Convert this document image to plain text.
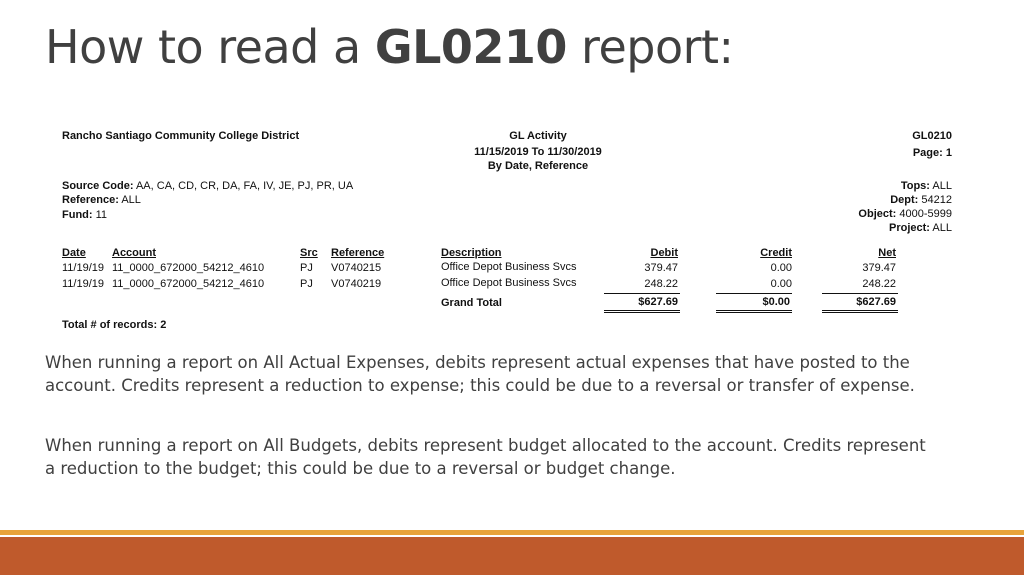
How to read a GL0210 report:
Rancho Santiago Community College District	GL Activity
11/15/2019 To 11/30/2019
By Date, Reference
GL0210
Page: 1
Source Code: AA, CA, CD, CR, DA, FA, IV, JE, PJ, PR, UA
Reference: ALL
Fund: 11
Tops: ALL
Dept: 54212
Object: 4000-5999
Project: ALL
Date Account	Src Reference	Description	Debit	Credit	Net
11/19/19 11_0000_672000_54212_4610	PJ V0740215	Office Depot Business Svcs	379.47	0.00	379.47
11/19/19 11_0000_672000_54212_4610	PJ V0740219	Office Depot Business Svcs	248.22	0.00	248.22
Grand Total	$627.69	$0.00	$627.69
Total # of records: 2

When running a report on All Actual Expenses, debits represent actual expenses that have posted to the account. Credits represent a reduction to expense; this could be due to a reversal or transfer of expense.

When running a report on All Budgets, debits represent budget allocated to the account. Credits represent a reduction to the budget; this could be due to a reversal or budget change.
